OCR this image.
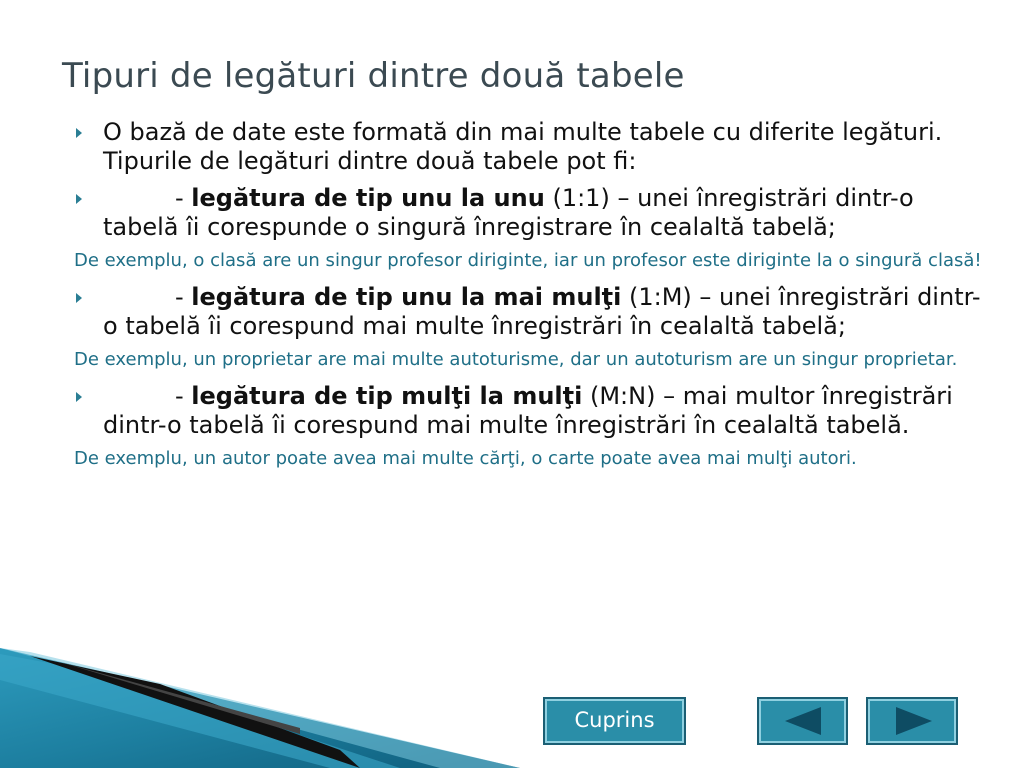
Tipuri de legături dintre două tabele
O bază de date este formată din mai multe tabele cu diferite legături. Tipurile de legături dintre două tabele pot fi:
- legătura de tip unu la unu (1:1) – unei înregistrări dintr-o tabelă îi corespunde o singură înregistrare în cealaltă tabelă;
De exemplu, o clasă are un singur profesor diriginte, iar un profesor este diriginte la o singură clasă!
- legătura de tip unu la mai mulţi (1:M) – unei înregistrări dintr-o tabelă îi corespund mai multe înregistrări în cealaltă tabelă;
De exemplu, un proprietar are mai multe autoturisme, dar un autoturism are un singur proprietar.
- legătura de tip mulţi la mulţi (M:N) – mai multor înregistrări dintr-o tabelă îi corespund mai multe înregistrări în cealaltă tabelă.
De exemplu, un autor poate avea mai multe cărţi, o carte poate avea mai mulţi autori.
Cuprins
